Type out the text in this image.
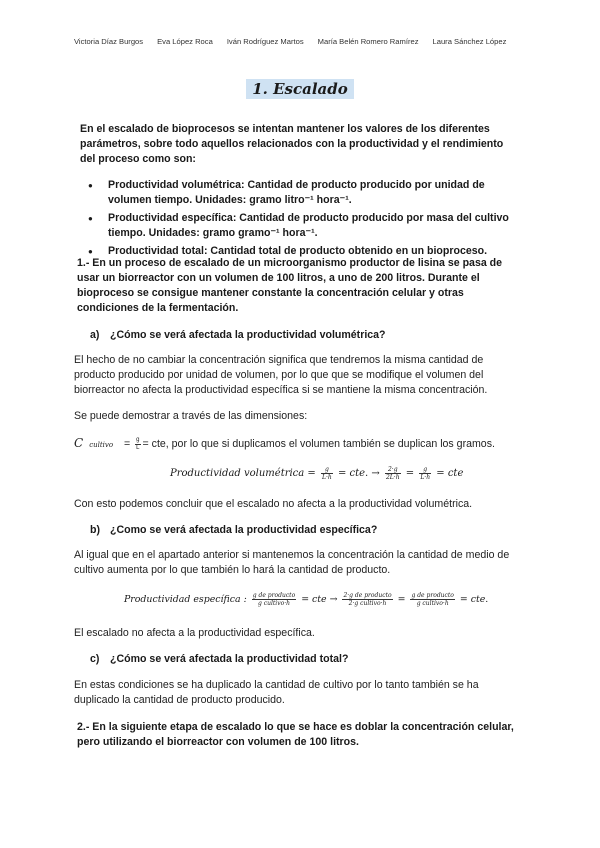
Victoria Díaz Burgos Eva López Roca Iván Rodríguez Martos María Belén Romero Ramírez Laura Sánchez López
1. Escalado
En el escalado de bioprocesos se intentan mantener los valores de los diferentes parámetros, sobre todo aquellos relacionados con la productividad y el rendimiento del proceso como son:
● Productividad volumétrica: Cantidad de producto producido por unidad de volumen tiempo. Unidades: gramo litro⁻¹ hora⁻¹.
● Productividad específica: Cantidad de producto producido por masa del cultivo tiempo. Unidades: gramo gramo⁻¹ hora⁻¹.
● Productividad total: Cantidad total de producto obtenido en un bioproceso.
1.- En un proceso de escalado de un microorganismo productor de lisina se pasa de usar un biorreactor con un volumen de 100 litros, a uno de 200 litros. Durante el bioproceso se consigue mantener constante la concentración celular y otras condiciones de la fermentación.
a) ¿Cómo se verá afectada la productividad volumétrica?
El hecho de no cambiar la concentración significa que tendremos la misma cantidad de producto producido por unidad de volumen, por lo que que se modifique el volumen del biorreactor no afecta la productividad específica si se mantiene la misma concentración.
Se puede demostrar a través de las dimensiones:
Ccultivo = $\frac{g}{L}$ = cte, por lo que si duplicamos el volumen también se duplican los gramos.
Productividad volumétrica = $\frac{g}{L\cdot h}$ = cte. → $\frac{2\cdot g}{2L\cdot h} = \frac{g}{L\cdot h}$ = cte
Con esto podemos concluir que el escalado no afecta a la productividad volumétrica.
b) ¿Como se verá afectada la productividad específica?
Al igual que en el apartado anterior si mantenemos la concentración la cantidad de medio de cultivo aumenta por lo que también lo hará la cantidad de producto.
Productividad específica : g de producto
g cultivo·h	= cte → 2·g de producto
2·g cultivo·h = g de producto
g cultivo·h	= cte.
El escalado no afecta a la productividad específica.
c) ¿Cómo se verá afectada la productividad total?
En estas condiciones se ha duplicado la cantidad de cultivo por lo tanto también se ha duplicado la cantidad de producto producido.
2.- En la siguiente etapa de escalado lo que se hace es doblar la concentración celular, pero utilizando el biorreactor con volumen de 100 litros.
